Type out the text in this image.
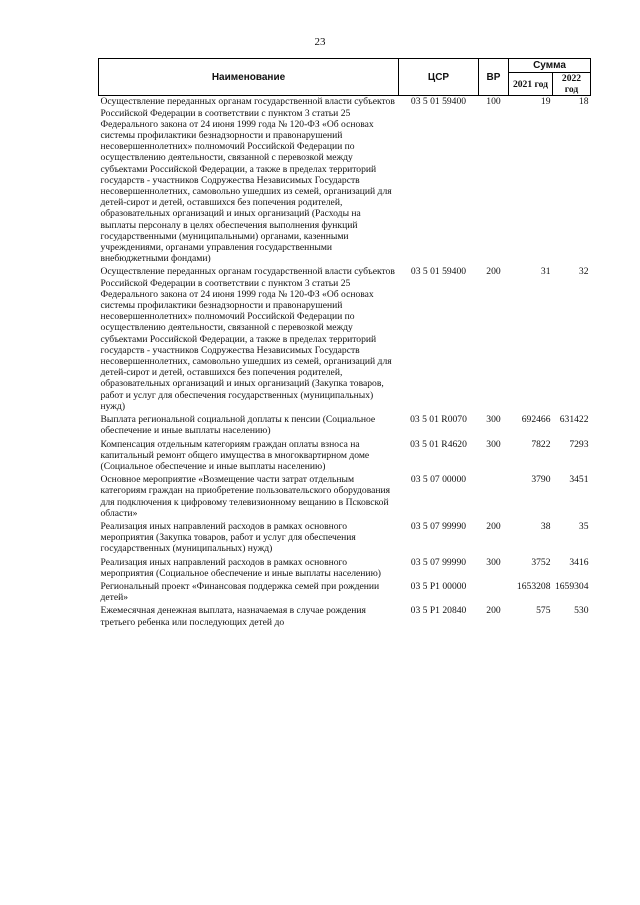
23
Наименование	ЦСР	ВР	Сумма	
			2021 год	2022 год
Осуществление переданных органам государственной власти субъектов Российской Федерации в соответствии с пунктом 3 статьи 25 Федерального закона от 24 июня 1999 года № 120-ФЗ «Об основах системы профилактики безнадзорности и правонарушений несовершеннолетних» полномочий Российской Федерации по осуществлению деятельности, связанной с перевозкой между субъектами Российской Федерации, а также в пределах территорий государств - участников Содружества Независимых Государств несовершеннолетних, самовольно ушедших из семей, организаций для детей-сирот и детей, оставшихся без попечения родителей, образовательных организаций и иных организаций (Расходы на выплаты персоналу в целях обеспечения выполнения функций государственными (муниципальными) органами, казенными учреждениями, органами управления государственными внебюджетными фондами)	03 5 01 59400	100	19	18
Осуществление переданных органам государственной власти субъектов Российской Федерации в соответствии с пунктом 3 статьи 25 Федерального закона от 24 июня 1999 года № 120-ФЗ «Об основах системы профилактики безнадзорности и правонарушений несовершеннолетних» полномочий Российской Федерации по осуществлению деятельности, связанной с перевозкой между субъектами Российской Федерации, а также в пределах территорий государств - участников Содружества Независимых Государств несовершеннолетних, самовольно ушедших из семей, организаций для детей-сирот и детей, оставшихся без попечения родителей, образовательных организаций и иных организаций (Закупка товаров, работ и услуг для обеспечения государственных (муниципальных) нужд)	03 5 01 59400	200	31	32
Выплата региональной социальной доплаты к пенсии (Социальное обеспечение и иные выплаты населению)	03 5 01 R0070	300	692466	631422
Компенсация отдельным категориям граждан оплаты взноса на капитальный ремонт общего имущества в многоквартирном доме (Социальное обеспечение и иные выплаты населению)	03 5 01 R4620	300	7822	7293
Основное мероприятие «Возмещение части затрат отдельным категориям граждан на приобретение пользовательского оборудования для подключения к цифровому телевизионному вещанию в Псковской области»	03 5 07 00000		3790	3451
Реализация иных направлений расходов в рамках основного мероприятия (Закупка товаров, работ и услуг для обеспечения государственных (муниципальных) нужд)	03 5 07 99990	200	38	35
Реализация иных направлений расходов в рамках основного мероприятия (Социальное обеспечение и иные выплаты населению)	03 5 07 99990	300	3752	3416
Региональный проект «Финансовая поддержка семей при рождении детей»	03 5 P1 00000		1653208	1659304
Ежемесячная денежная выплата, назначаемая в случае рождения третьего ребенка или последующих детей до	03 5 P1 20840	200	575	530
